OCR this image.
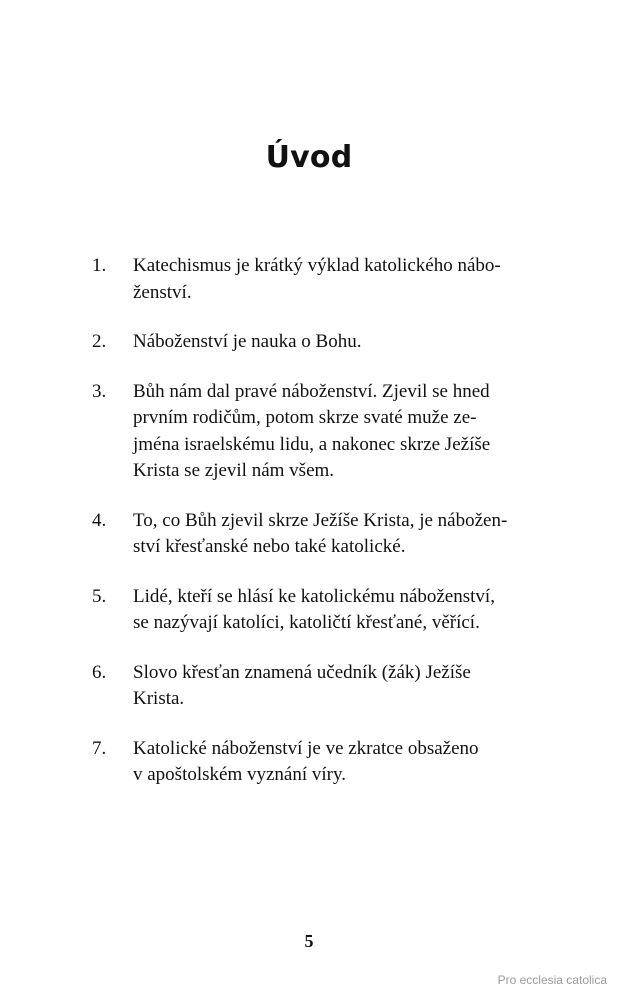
Úvod
1.	Katechismus je krátký výklad katolického nábo-
ženství.
2.	Náboženství je nauka o Bohu.
3.	Bůh nám dal pravé náboženství. Zjevil se hned
prvním rodičům, potom skrze svaté muže ze-
jména israelskému lidu, a nakonec skrze Ježíše
Krista se zjevil nám všem.
4.	To, co Bůh zjevil skrze Ježíše Krista, je nábožen-
ství křesťanské nebo také katolické.
5.	Lidé, kteří se hlásí ke katolickému náboženství,
se nazývají katolíci, katoličtí křesťané, věřící.
6.	Slovo křesťan znamená učedník (žák) Ježíše
Krista.
7.	Katolické náboženství je ve zkratce obsaženo
v apoštolském vyznání víry.
5
Pro ecclesia catolica
